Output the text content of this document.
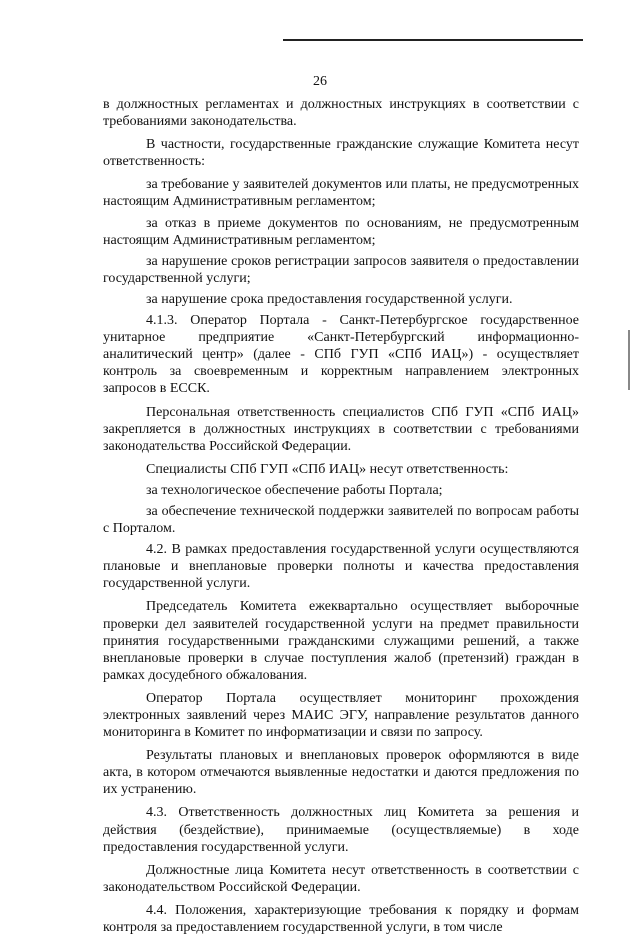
26

в должностных регламентах и должностных инструкциях в соответствии с требованиями законодательства.

В частности, государственные гражданские служащие Комитета несут ответственность:

за требование у заявителей документов или платы, не предусмотренных настоящим Административным регламентом;

за отказ в приеме документов по основаниям, не предусмотренным настоящим Административным регламентом;

за нарушение сроков регистрации запросов заявителя о предоставлении государственной услуги;

за нарушение срока предоставления государственной услуги.

4.1.3. Оператор Портала - Санкт-Петербургское государственное унитарное предприятие «Санкт-Петербургский информационно-аналитический центр» (далее - СПб ГУП «СПб ИАЦ») - осуществляет контроль за своевременным и корректным направлением электронных запросов в ЕССК.

Персональная ответственность специалистов СПб ГУП «СПб ИАЦ» закрепляется в должностных инструкциях в соответствии с требованиями законодательства Российской Федерации.

Специалисты СПб ГУП «СПб ИАЦ» несут ответственность:

за технологическое обеспечение работы Портала;

за обеспечение технической поддержки заявителей по вопросам работы с Порталом.

4.2. В рамках предоставления государственной услуги осуществляются плановые и внеплановые проверки полноты и качества предоставления государственной услуги.

Председатель Комитета ежеквартально осуществляет выборочные проверки дел заявителей государственной услуги на предмет правильности принятия государственными гражданскими служащими решений, а также внеплановые проверки в случае поступления жалоб (претензий) граждан в рамках досудебного обжалования.

Оператор Портала осуществляет мониторинг прохождения электронных заявлений через МАИС ЭГУ, направление результатов данного мониторинга в Комитет по информатизации и связи по запросу.

Результаты плановых и внеплановых проверок оформляются в виде акта, в котором отмечаются выявленные недостатки и даются предложения по их устранению.

4.3. Ответственность должностных лиц Комитета за решения и действия (бездействие), принимаемые (осуществляемые) в ходе предоставления государственной услуги.

Должностные лица Комитета несут ответственность в соответствии с законодательством Российской Федерации.

4.4. Положения, характеризующие требования к порядку и формам контроля за предоставлением государственной услуги, в том числе
